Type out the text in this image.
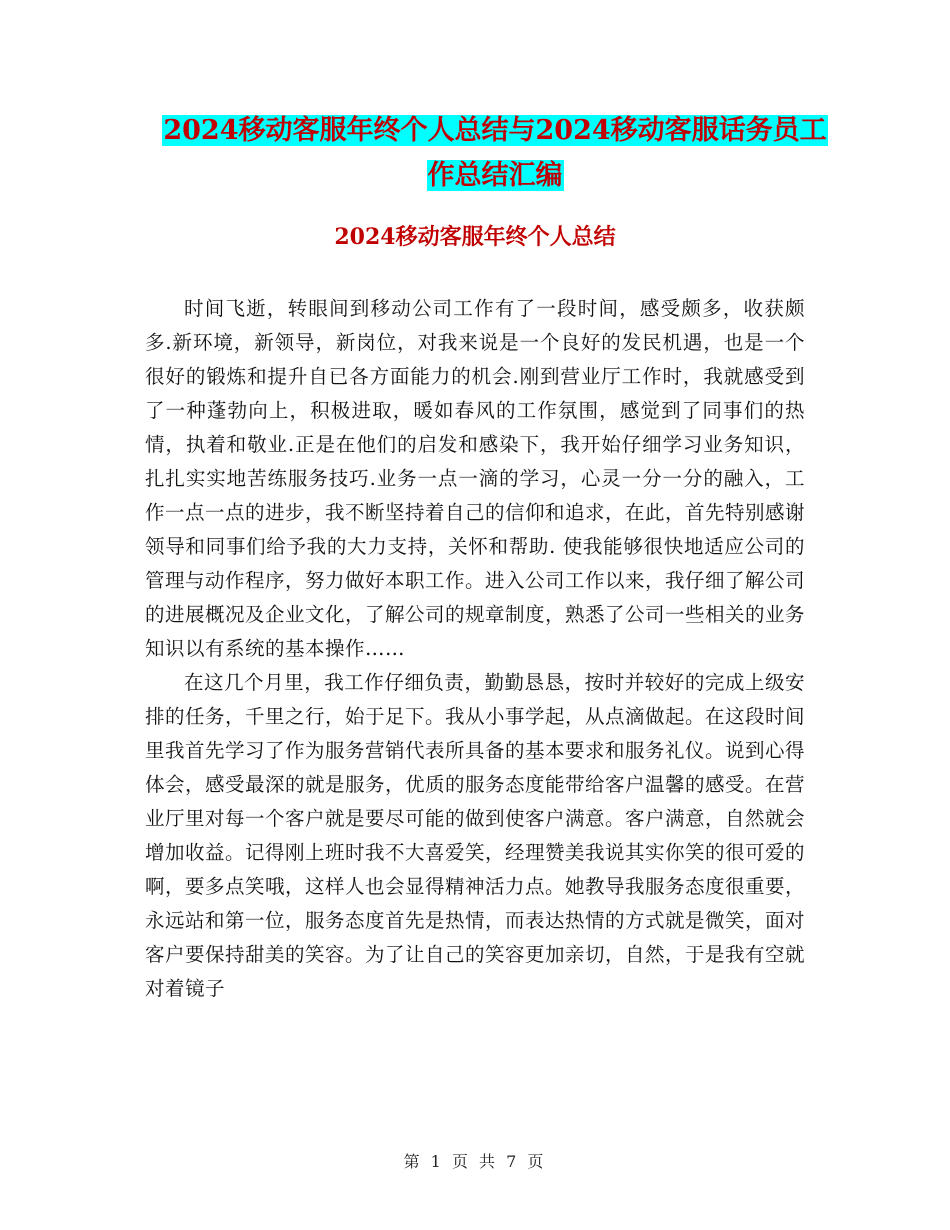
2024移动客服年终个人总结与2024移动客服话务员工作总结汇编
2024移动客服年终个人总结

时间飞逝，转眼间到移动公司工作有了一段时间，感受颇多，收获颇多.新环境，新领导，新岗位，对我来说是一个良好的发民机遇，也是一个很好的锻炼和提升自已各方面能力的机会.刚到营业厅工作时，我就感受到了一种蓬勃向上，积极进取，暖如春风的工作氛围，感觉到了同事们的热情，执着和敬业.正是在他们的启发和感染下，我开始仔细学习业务知识，扎扎实实地苦练服务技巧.业务一点一滴的学习，心灵一分一分的融入，工作一点一点的进步，我不断坚持着自己的信仰和追求，在此，首先特别感谢领导和同事们给予我的大力支持，关怀和帮助. 使我能够很快地适应公司的管理与动作程序，努力做好本职工作。进入公司工作以来，我仔细了解公司的进展概况及企业文化，了解公司的规章制度，熟悉了公司一些相关的业务知识以有系统的基本操作……

在这几个月里，我工作仔细负责，勤勤恳恳，按时并较好的完成上级安排的任务，千里之行，始于足下。我从小事学起，从点滴做起。在这段时间里我首先学习了作为服务营销代表所具备的基本要求和服务礼仪。说到心得体会，感受最深的就是服务，优质的服务态度能带给客户温馨的感受。在营业厅里对每一个客户就是要尽可能的做到使客户满意。客户满意，自然就会增加收益。记得刚上班时我不大喜爱笑，经理赞美我说其实你笑的很可爱的啊，要多点笑哦，这样人也会显得精神活力点。她教导我服务态度很重要，永远站和第一位，服务态度首先是热情，而表达热情的方式就是微笑，面对客户要保持甜美的笑容。为了让自己的笑容更加亲切，自然，于是我有空就对着镜子

第 1 页 共 7 页
